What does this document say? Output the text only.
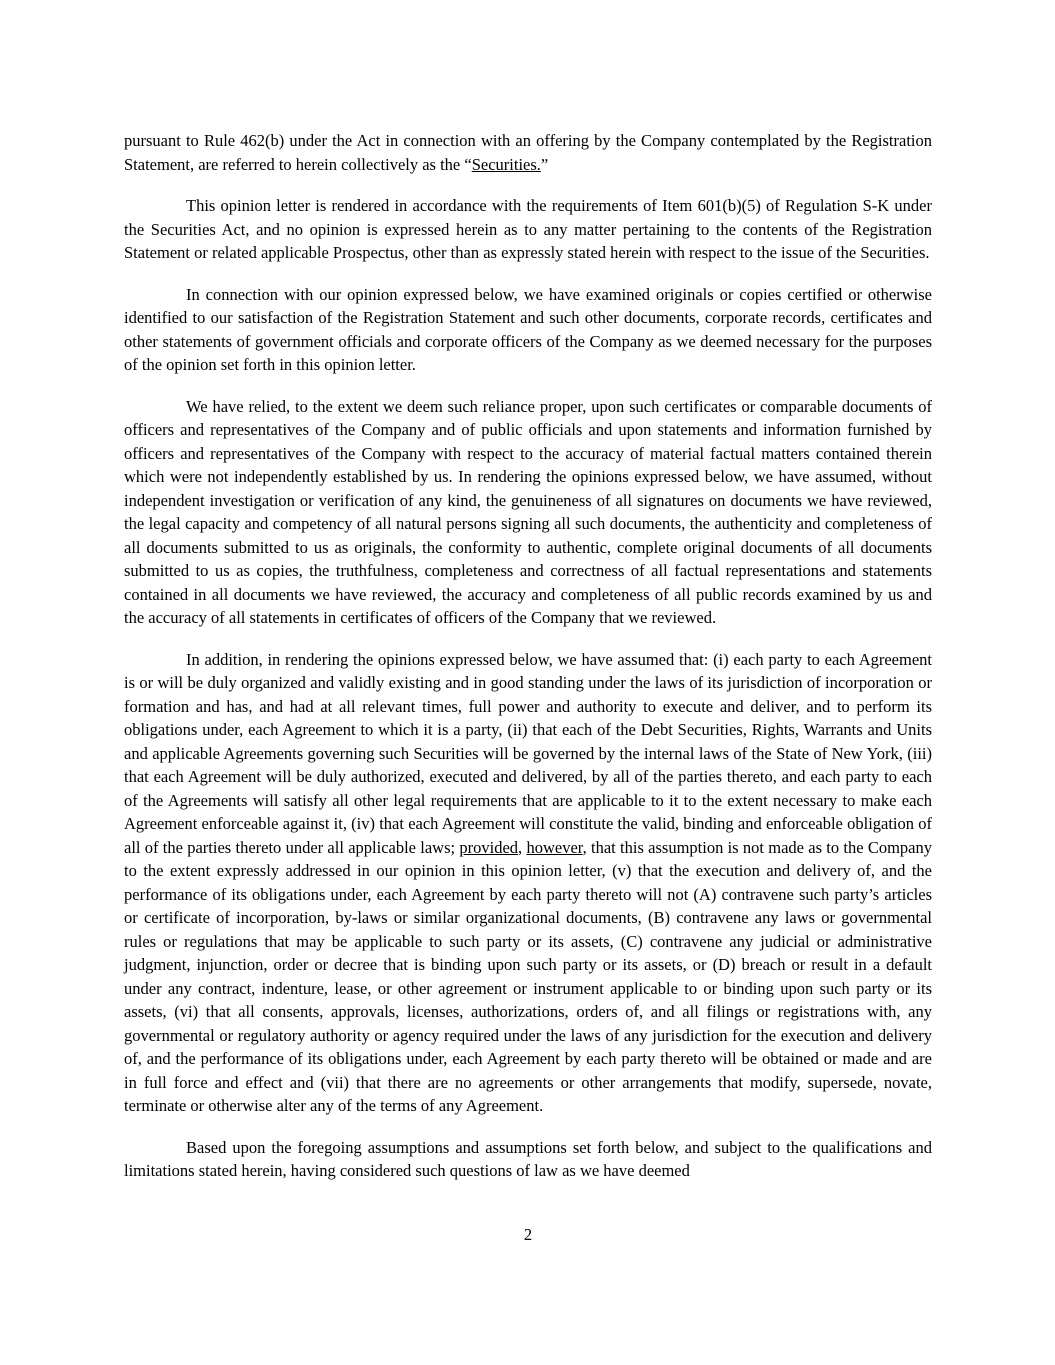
pursuant to Rule 462(b) under the Act in connection with an offering by the Company contemplated by the Registration Statement, are referred to herein collectively as the “Securities.”

This opinion letter is rendered in accordance with the requirements of Item 601(b)(5) of Regulation S-K under the Securities Act, and no opinion is expressed herein as to any matter pertaining to the contents of the Registration Statement or related applicable Prospectus, other than as expressly stated herein with respect to the issue of the Securities.

In connection with our opinion expressed below, we have examined originals or copies certified or otherwise identified to our satisfaction of the Registration Statement and such other documents, corporate records, certificates and other statements of government officials and corporate officers of the Company as we deemed necessary for the purposes of the opinion set forth in this opinion letter.

We have relied, to the extent we deem such reliance proper, upon such certificates or comparable documents of officers and representatives of the Company and of public officials and upon statements and information furnished by officers and representatives of the Company with respect to the accuracy of material factual matters contained therein which were not independently established by us. In rendering the opinions expressed below, we have assumed, without independent investigation or verification of any kind, the genuineness of all signatures on documents we have reviewed, the legal capacity and competency of all natural persons signing all such documents, the authenticity and completeness of all documents submitted to us as originals, the conformity to authentic, complete original documents of all documents submitted to us as copies, the truthfulness, completeness and correctness of all factual representations and statements contained in all documents we have reviewed, the accuracy and completeness of all public records examined by us and the accuracy of all statements in certificates of officers of the Company that we reviewed.

In addition, in rendering the opinions expressed below, we have assumed that: (i) each party to each Agreement is or will be duly organized and validly existing and in good standing under the laws of its jurisdiction of incorporation or formation and has, and had at all relevant times, full power and authority to execute and deliver, and to perform its obligations under, each Agreement to which it is a party, (ii) that each of the Debt Securities, Rights, Warrants and Units and applicable Agreements governing such Securities will be governed by the internal laws of the State of New York, (iii) that each Agreement will be duly authorized, executed and delivered, by all of the parties thereto, and each party to each of the Agreements will satisfy all other legal requirements that are applicable to it to the extent necessary to make each Agreement enforceable against it, (iv) that each Agreement will constitute the valid, binding and enforceable obligation of all of the parties thereto under all applicable laws; provided, however, that this assumption is not made as to the Company to the extent expressly addressed in our opinion in this opinion letter, (v) that the execution and delivery of, and the performance of its obligations under, each Agreement by each party thereto will not (A) contravene such party’s articles or certificate of incorporation, by-laws or similar organizational documents, (B) contravene any laws or governmental rules or regulations that may be applicable to such party or its assets, (C) contravene any judicial or administrative judgment, injunction, order or decree that is binding upon such party or its assets, or (D) breach or result in a default under any contract, indenture, lease, or other agreement or instrument applicable to or binding upon such party or its assets, (vi) that all consents, approvals, licenses, authorizations, orders of, and all filings or registrations with, any governmental or regulatory authority or agency required under the laws of any jurisdiction for the execution and delivery of, and the performance of its obligations under, each Agreement by each party thereto will be obtained or made and are in full force and effect and (vii) that there are no agreements or other arrangements that modify, supersede, novate, terminate or otherwise alter any of the terms of any Agreement.

Based upon the foregoing assumptions and assumptions set forth below, and subject to the qualifications and limitations stated herein, having considered such questions of law as we have deemed

2
